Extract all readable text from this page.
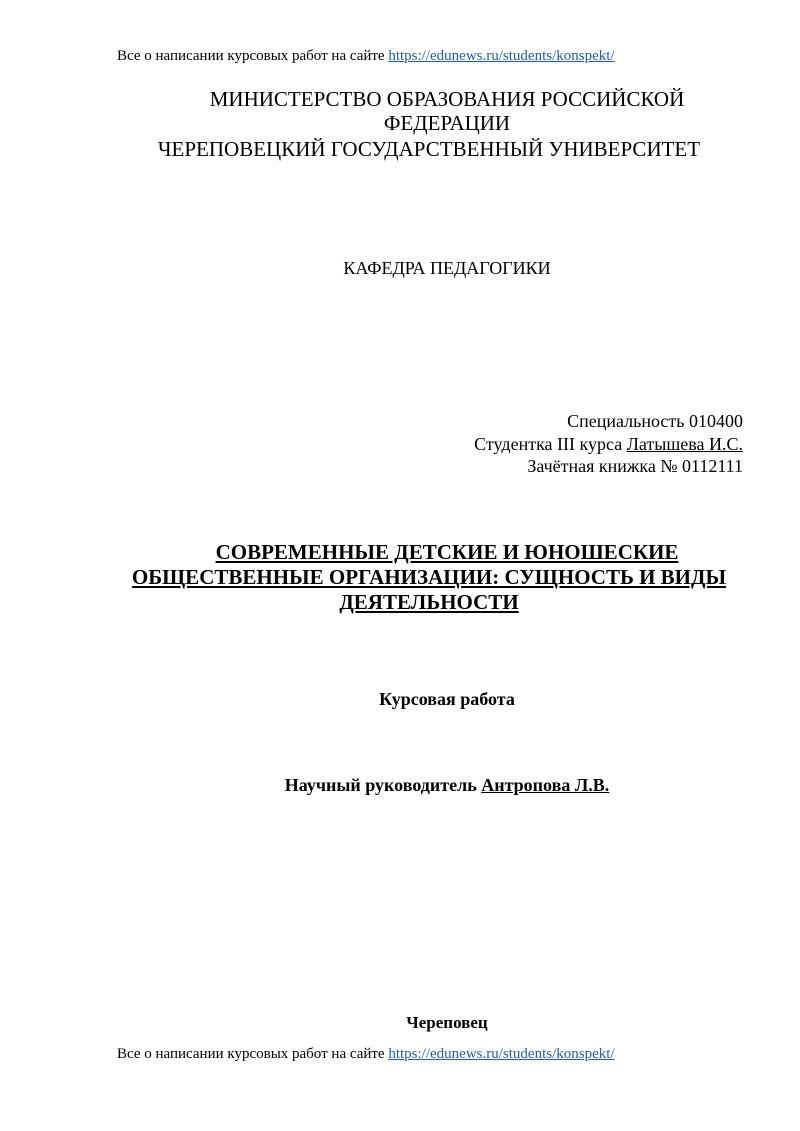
Все о написании курсовых работ на сайте https://edunews.ru/students/konspekt/
МИНИСТЕРСТВО ОБРАЗОВАНИЯ РОССИЙСКОЙ
ФЕДЕРАЦИИ
ЧЕРЕПОВЕЦКИЙ ГОСУДАРСТВЕННЫЙ УНИВЕРСИТЕТ
КАФЕДРА ПЕДАГОГИКИ
Специальность 010400
Студентка III курса Латышева И.С.
Зачётная книжка № 0112111
СОВРЕМЕННЫЕ ДЕТСКИЕ И ЮНОШЕСКИЕ
ОБЩЕСТВЕННЫЕ ОРГАНИЗАЦИИ: СУЩНОСТЬ И ВИДЫ
ДЕЯТЕЛЬНОСТИ
Курсовая работа
Научный руководитель Антропова Л.В.
Череповец
Все о написании курсовых работ на сайте https://edunews.ru/students/konspekt/
